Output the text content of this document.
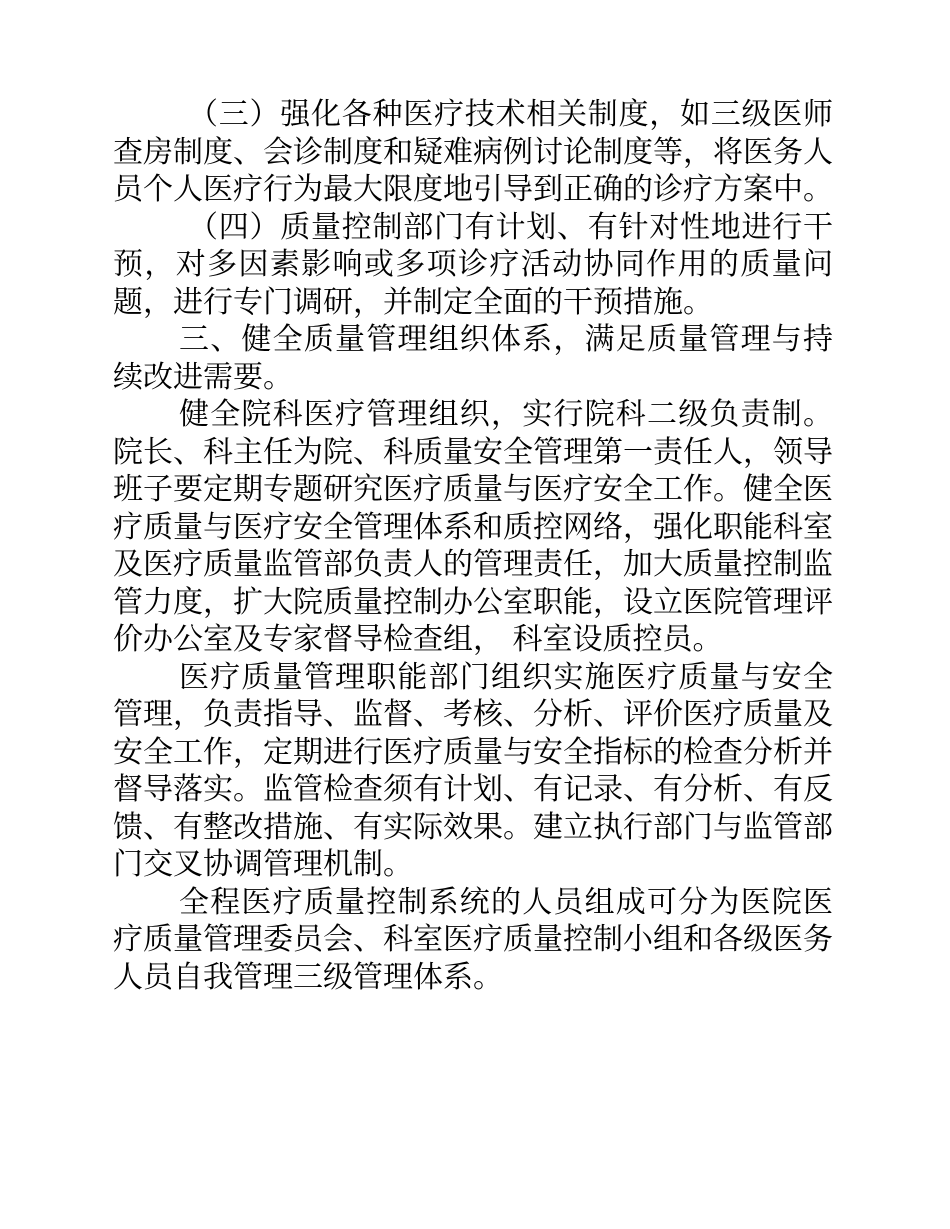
（三）强化各种医疗技术相关制度，如三级医师查房制度、会诊制度和疑难病例讨论制度等，将医务人员个人医疗行为最大限度地引导到正确的诊疗方案中。

（四）质量控制部门有计划、有针对性地进行干预，对多因素影响或多项诊疗活动协同作用的质量问题，进行专门调研，并制定全面的干预措施。

三、健全质量管理组织体系，满足质量管理与持续改进需要。

健全院科医疗管理组织，实行院科二级负责制。院长、科主任为院、科质量安全管理第一责任人，领导班子要定期专题研究医疗质量与医疗安全工作。健全医疗质量与医疗安全管理体系和质控网络，强化职能科室及医疗质量监管部负责人的管理责任，加大质量控制监管力度，扩大院质量控制办公室职能，设立医院管理评价办公室及专家督导检查组， 科室设质控员。

医疗质量管理职能部门组织实施医疗质量与安全管理，负责指导、监督、考核、分析、评价医疗质量及安全工作，定期进行医疗质量与安全指标的检查分析并督导落实。监管检查须有计划、有记录、有分析、有反馈、有整改措施、有实际效果。建立执行部门与监管部门交叉协调管理机制。

全程医疗质量控制系统的人员组成可分为医院医疗质量管理委员会、科室医疗质量控制小组和各级医务人员自我管理三级管理体系。
